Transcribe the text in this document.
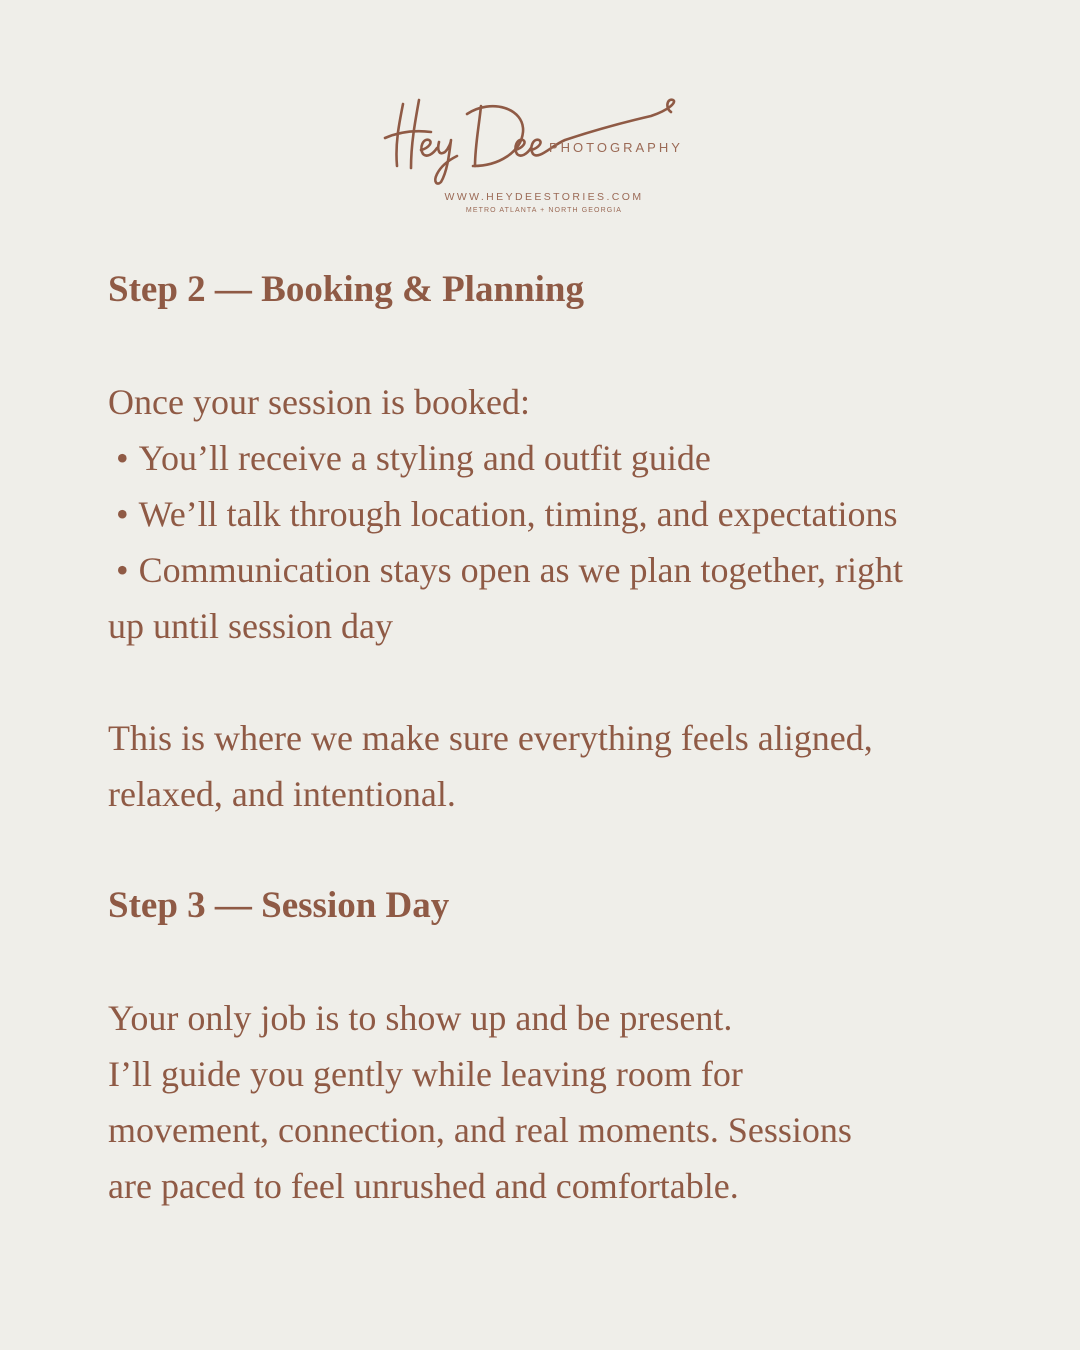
PHOTOGRAPHY
WWW.HEYDEESTORIES.COM
METRO ATLANTA + NORTH GEORGIA
Step 2 — Booking & Planning
Once your session is booked:
• You’ll receive a styling and outfit guide
• We’ll talk through location, timing, and expectations
• Communication stays open as we plan together, right
up until session day
This is where we make sure everything feels aligned,
relaxed, and intentional.
Step 3 — Session Day
Your only job is to show up and be present.
I’ll guide you gently while leaving room for
movement, connection, and real moments. Sessions
are paced to feel unrushed and comfortable.
